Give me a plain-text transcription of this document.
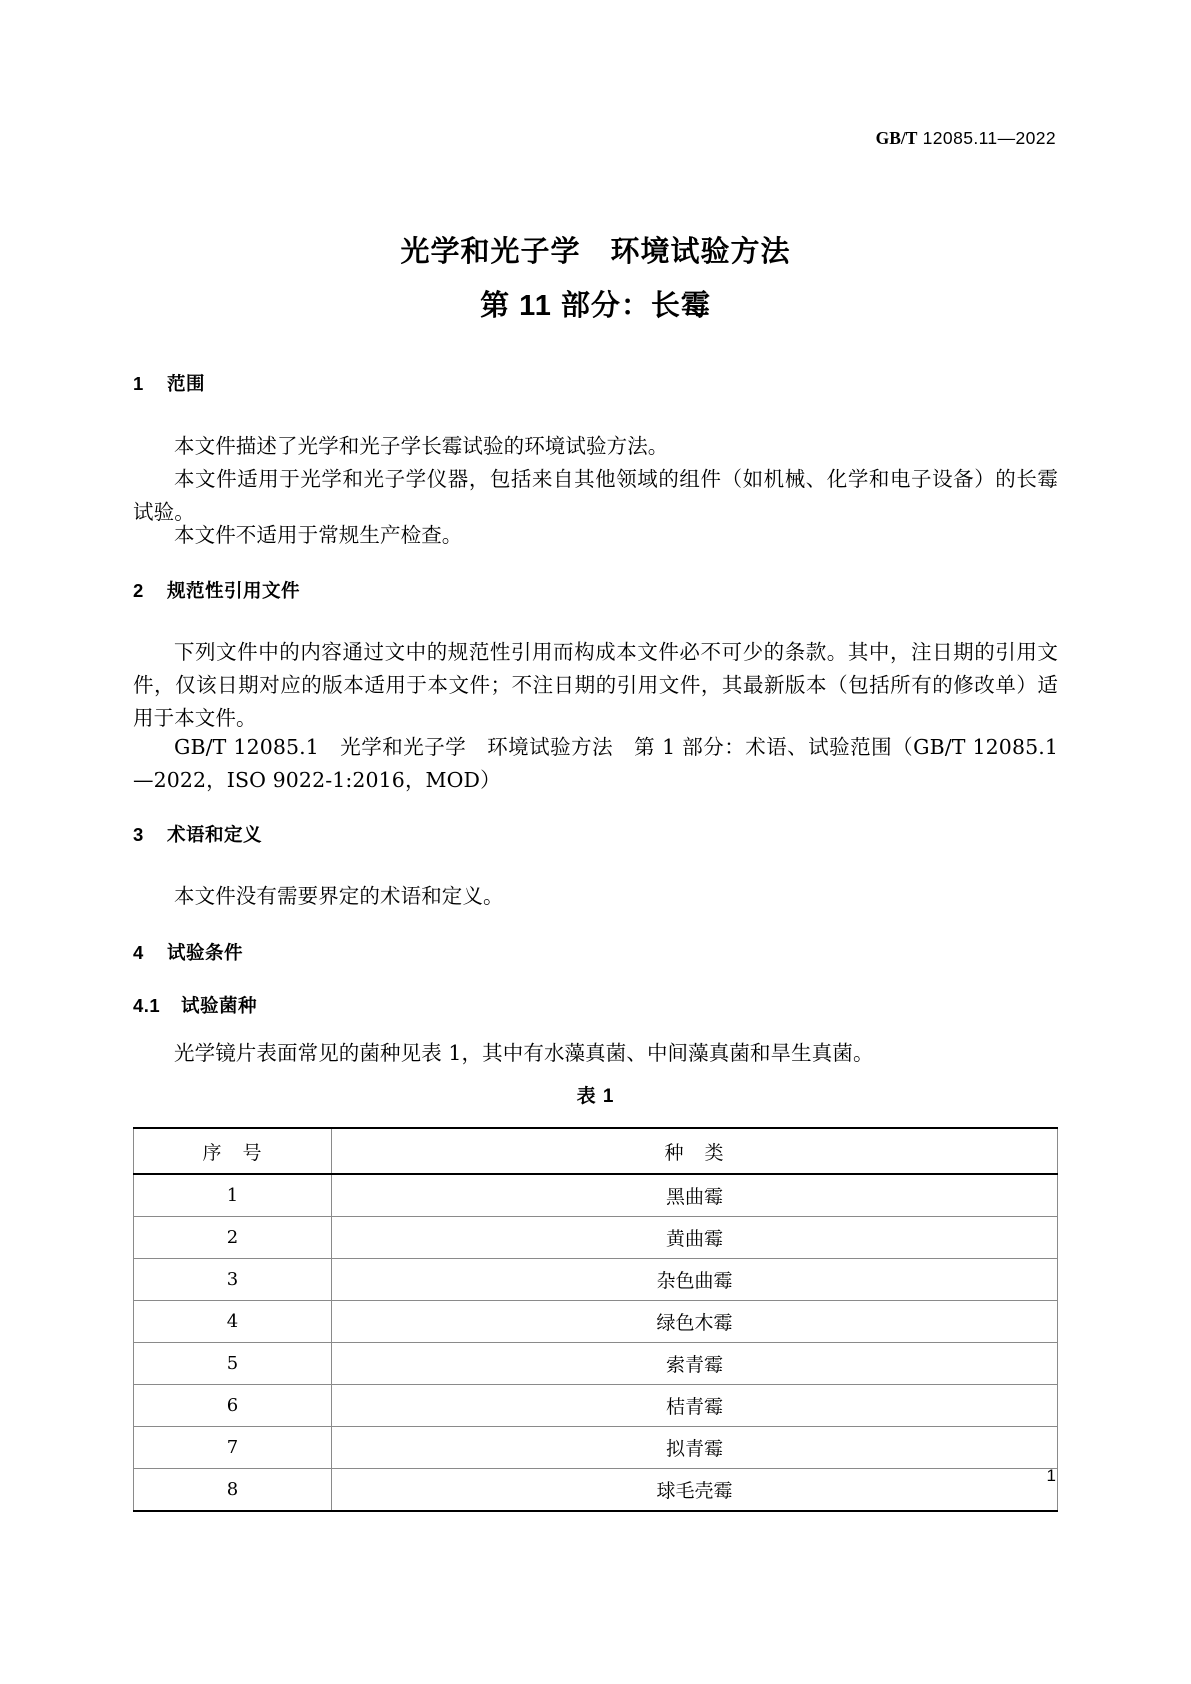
GB/T 12085.11—2022
光学和光子学　环境试验方法
第 11 部分：长霉
1 范围

本文件描述了光学和光子学长霉试验的环境试验方法。

本文件适用于光学和光子学仪器，包括来自其他领域的组件（如机械、化学和电子设备）的长霉试验。

本文件不适用于常规生产检查。

2 规范性引用文件

下列文件中的内容通过文中的规范性引用而构成本文件必不可少的条款。其中，注日期的引用文件，仅该日期对应的版本适用于本文件；不注日期的引用文件，其最新版本（包括所有的修改单）适用于本文件。

GB/T 12085.1　光学和光子学　环境试验方法　第 1 部分：术语、试验范围（GB/T 12085.1—2022，ISO 9022-1:2016，MOD）

3 术语和定义

本文件没有需要界定的术语和定义。

4 试验条件
4.1 试验菌种

光学镜片表面常见的菌种见表 1，其中有水藻真菌、中间藻真菌和旱生真菌。

表 1
序　号	种　类
1	黑曲霉
2	黄曲霉
3	杂色曲霉
4	绿色木霉
5	索青霉
6	桔青霉
7	拟青霉
8	球毛壳霉
1
